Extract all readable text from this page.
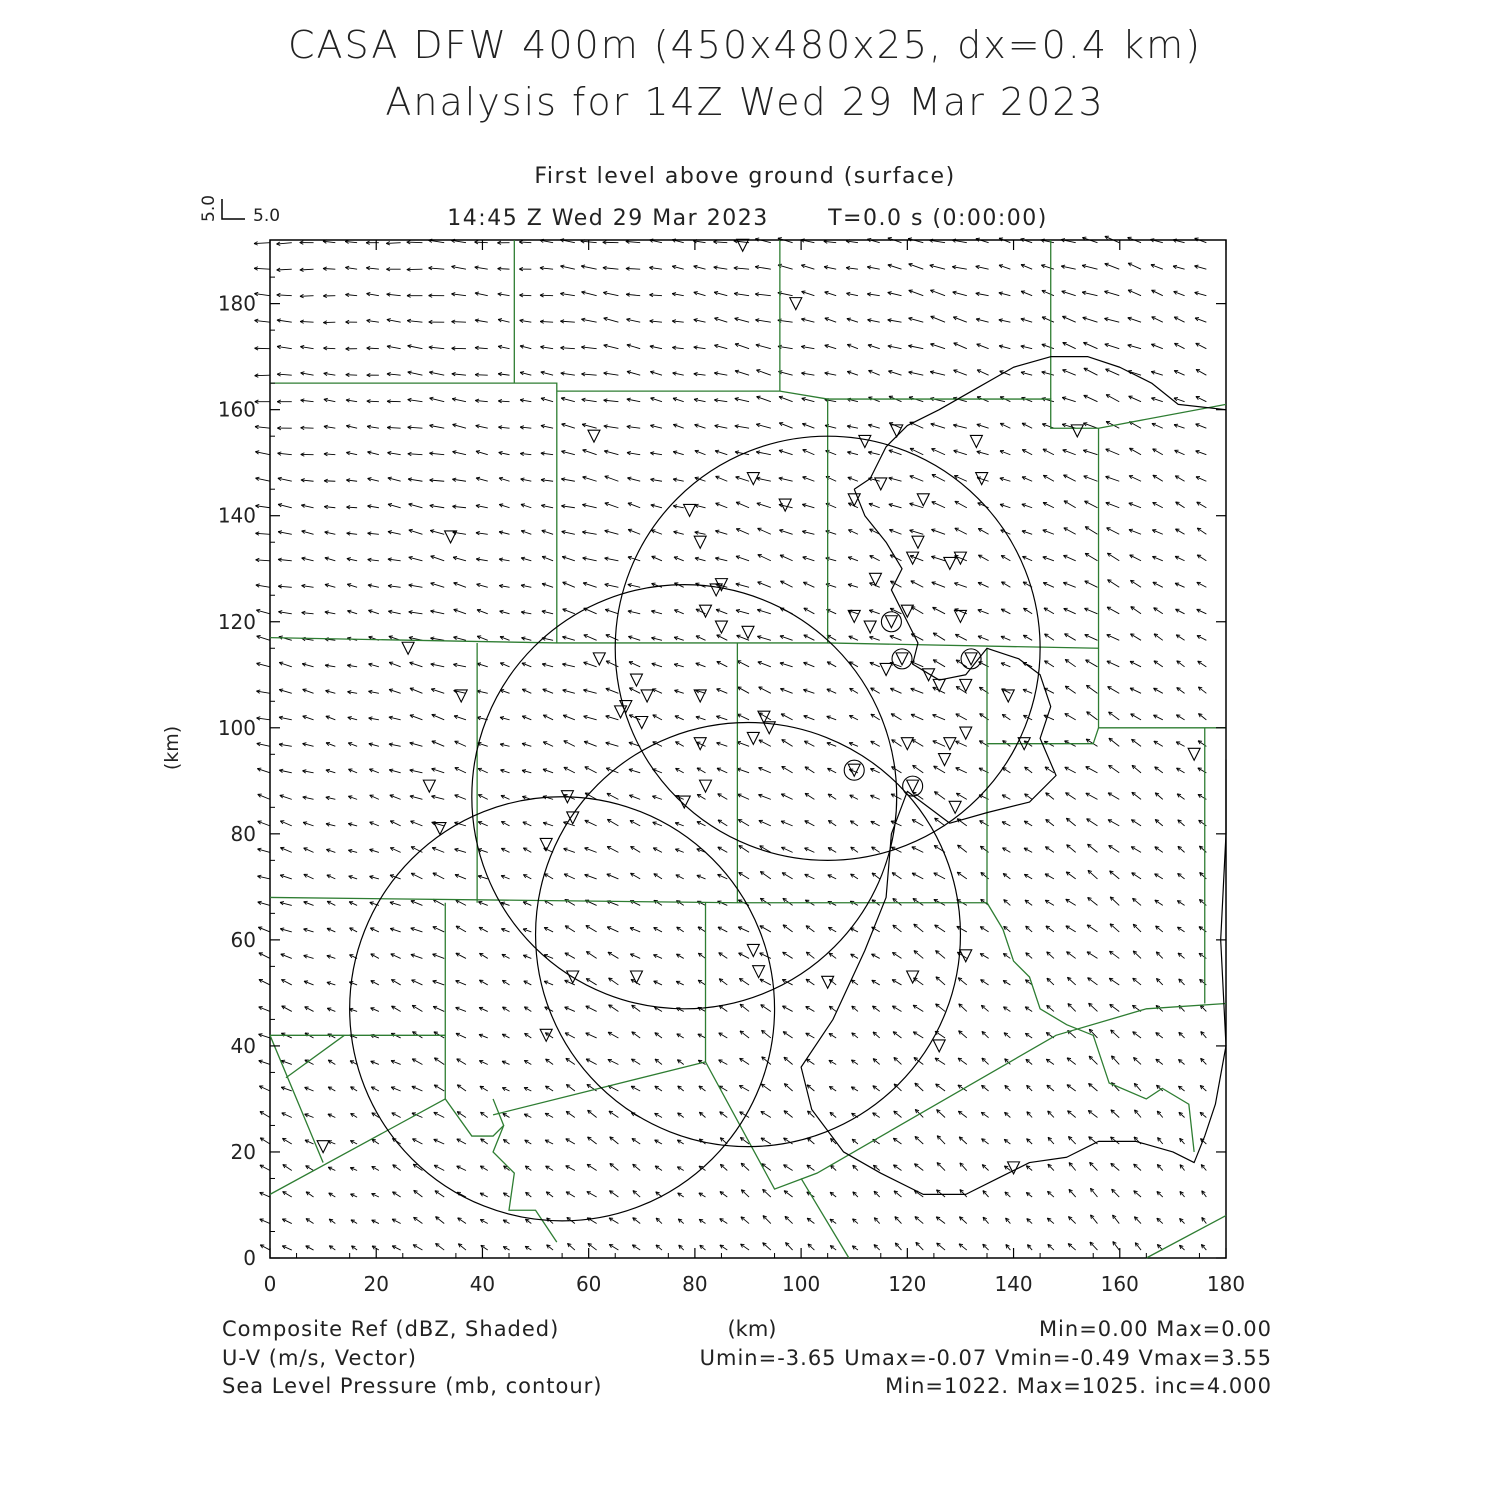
CASA DFW 400m (450x480x25, dx=0.4 km)
Analysis for 14Z Wed 29 Mar 2023
First level above ground (surface)
14:45 Z Wed 29 Mar 2023	T=0.0 s (0:00:00)
5.0 5.0
0	20	40	60	80	100	120	140	160	180
0
20
40
60
80
100
120
140
160
180
(km)
Composite Ref (dBZ, Shaded)	(km)	Min=0.00 Max=0.00
U-V (m/s, Vector)	Umin=-3.65 Umax=-0.07 Vmin=-0.49 Vmax=3.55
Sea Level Pressure (mb, contour)	Min=1022. Max=1025. inc=4.000
